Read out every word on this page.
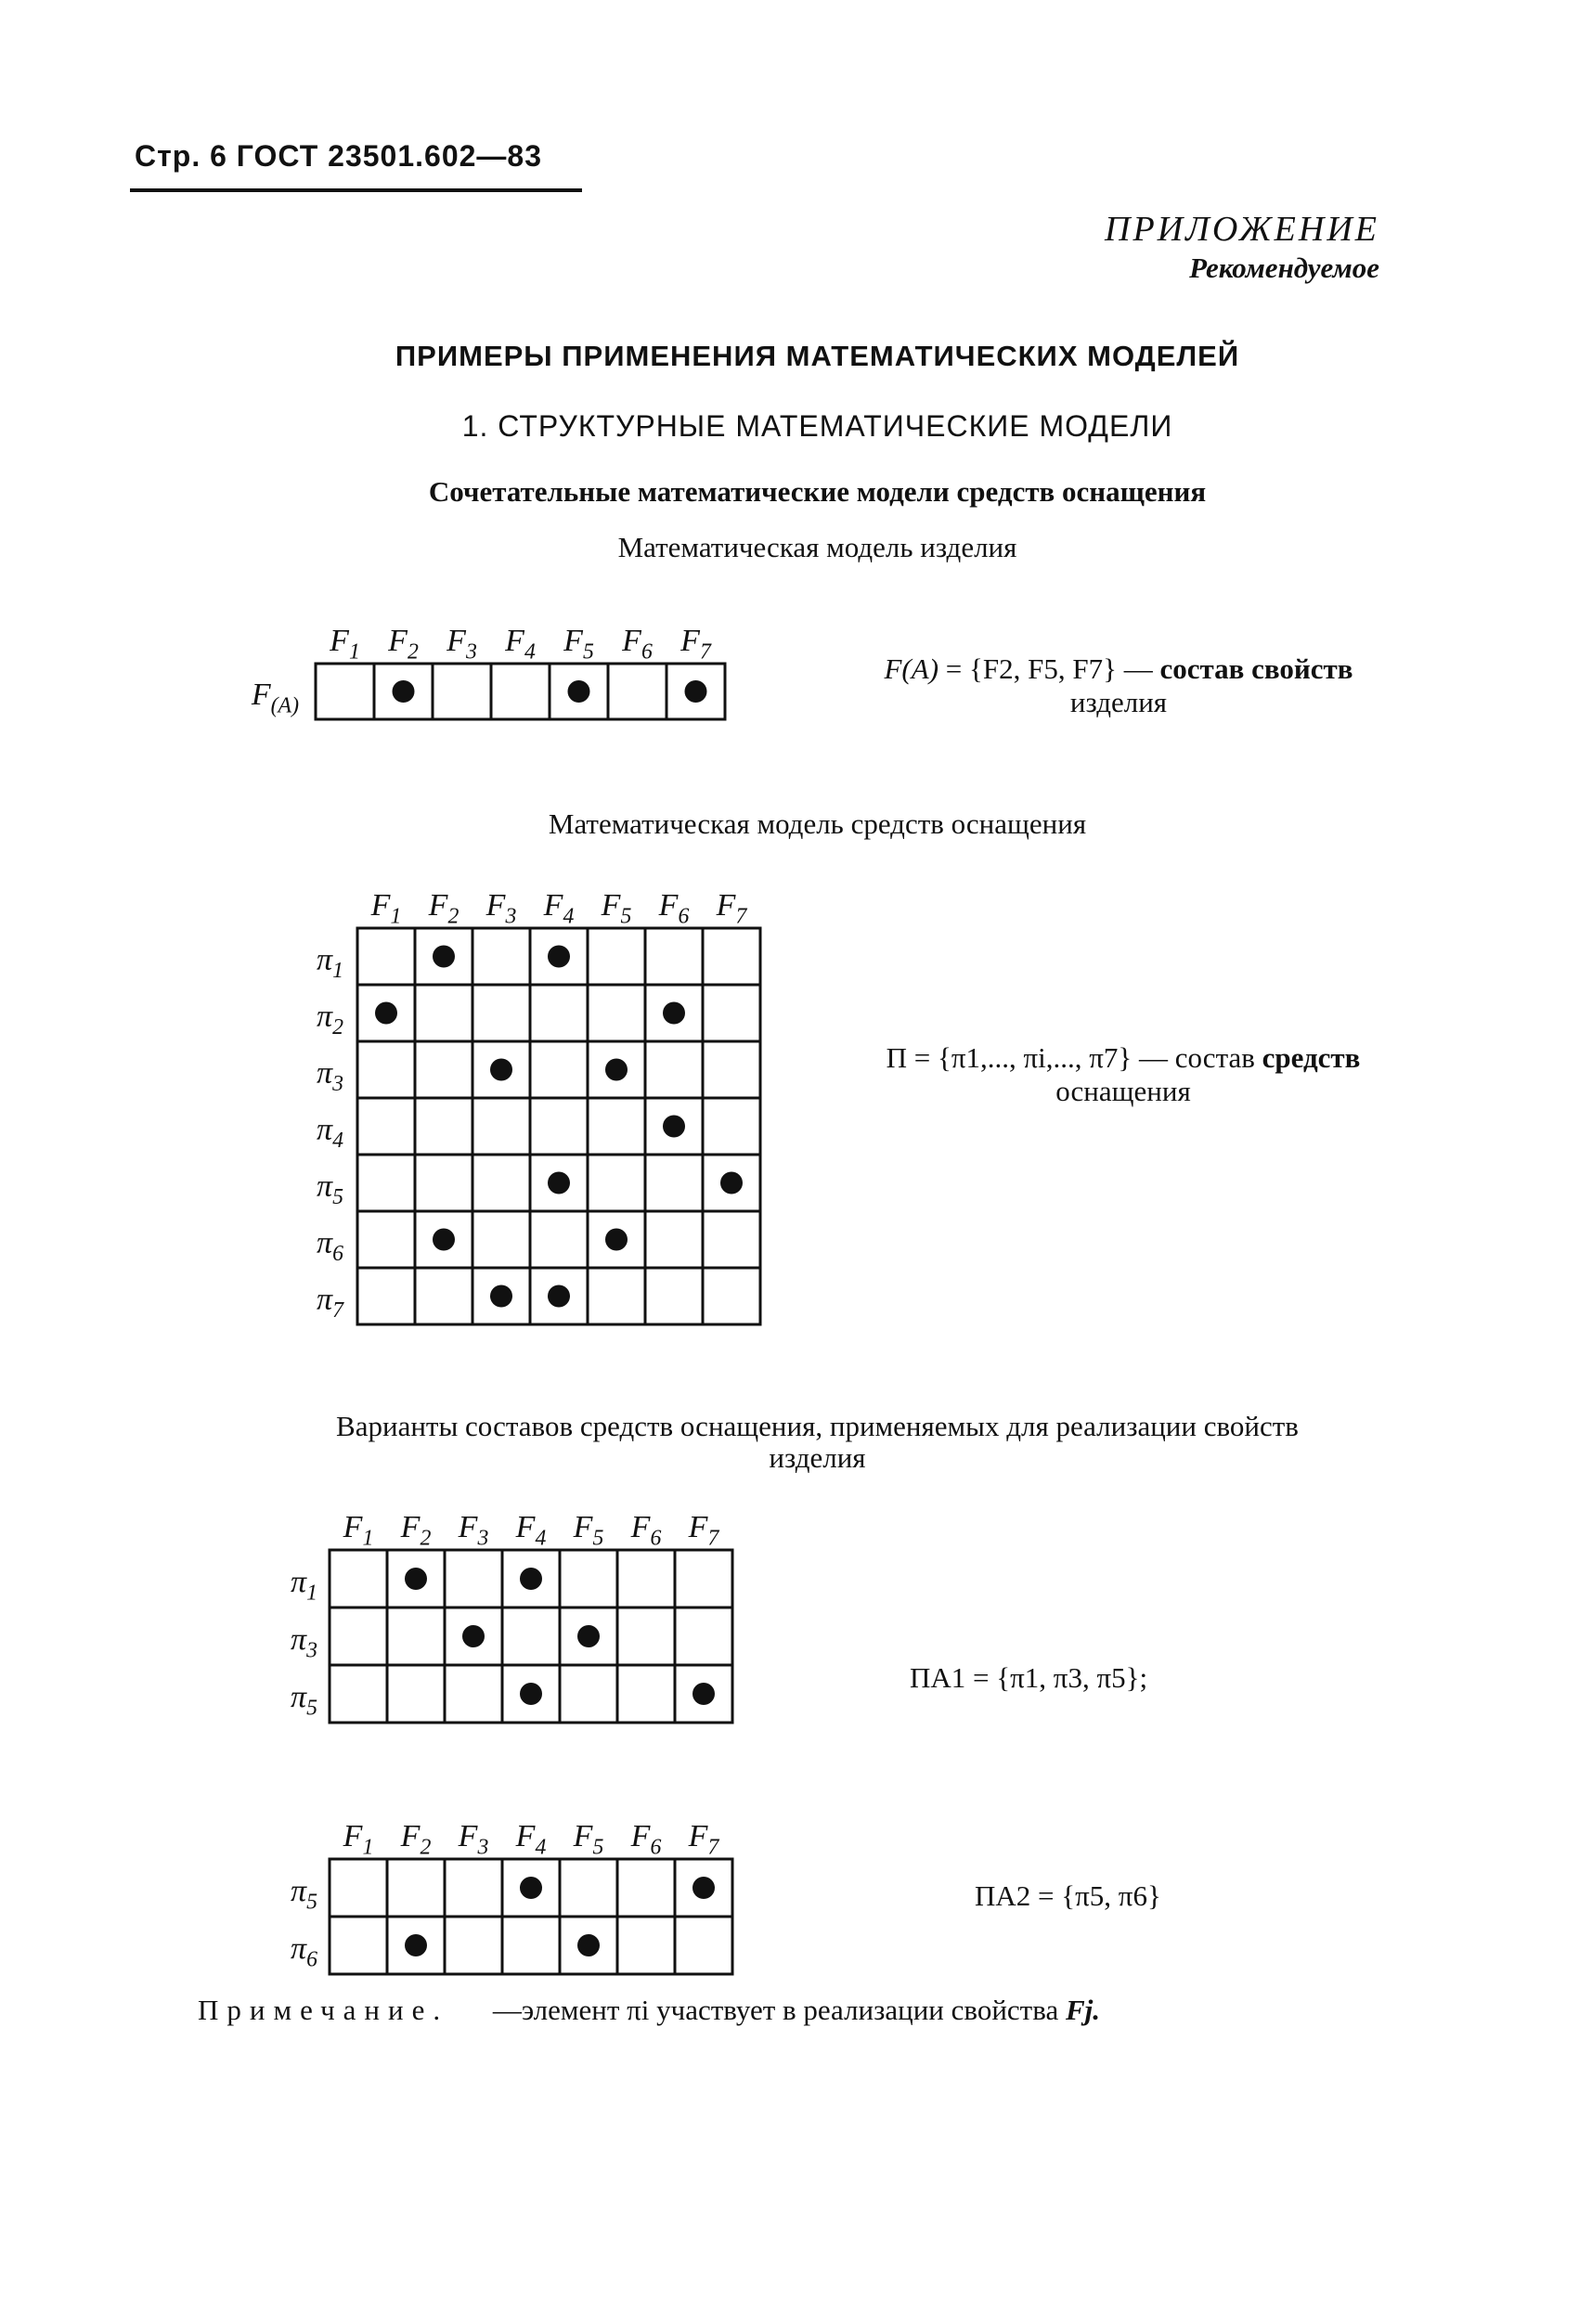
Стр. 6 ГОСТ 23501.602—83
ПРИЛОЖЕНИЕ
Рекомендуемое
ПРИМЕРЫ ПРИМЕНЕНИЯ МАТЕМАТИЧЕСКИХ МОДЕЛЕЙ
1. СТРУКТУРНЫЕ МАТЕМАТИЧЕСКИЕ МОДЕЛИ
Сочетательные математические модели средств оснащения
Математическая модель изделия
$F_1$ $F_2$ $F_3$ $F_4$ $F_5$ $F_6$ $F_7$
$F_{(A)}$
F(A) = {F2, F5, F7} — состав свойств
изделия
Математическая модель средств оснащения
$F_1$ $F_2$ $F_3$ $F_4$ $F_5$ $F_6$ $F_7$
$\pi_1$
$\pi_2$
$\pi_3$
$\pi_4$
$\pi_5$
$\pi_6$
$\pi_7$
Π = {π1,..., πi,..., π7} — состав средств
оснащения
Варианты составов средств оснащения, применяемых для реализации свойств
изделия
$F_1$ $F_2$ $F_3$ $F_4$ $F_5$ $F_6$ $F_7$
$\pi_1$
$\pi_3$
$\pi_5$
ΠA1 = {π1, π3, π5};
$F_1$ $F_2$ $F_3$ $F_4$ $F_5$ $F_6$ $F_7$
$\pi_5$
$\pi_6$
ΠA2 = {π5, π6}
Примечание. —элемент πi участвует в реализации свойства Fj.
